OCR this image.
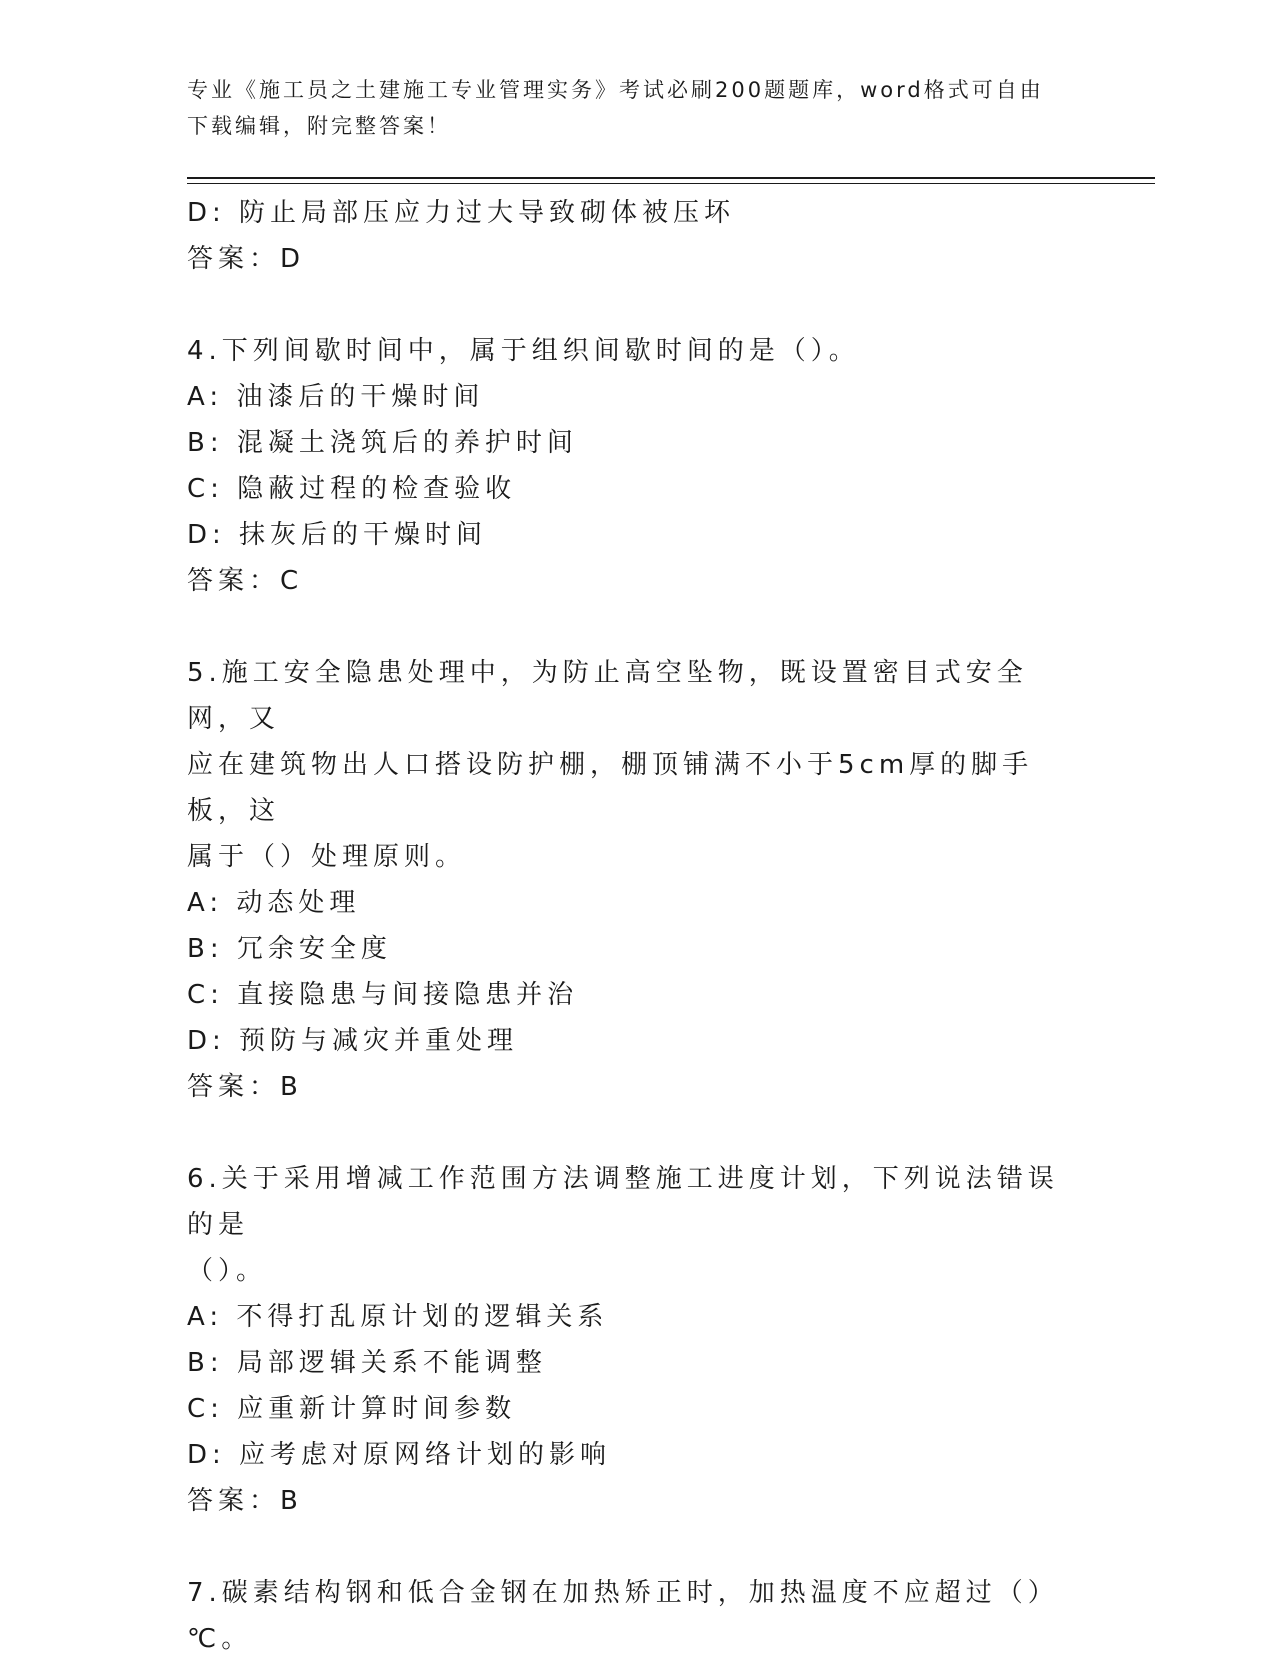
专业《施工员之土建施工专业管理实务》考试必刷200题题库，word格式可自由
下载编辑，附完整答案！
D: 防止局部压应力过大导致砌体被压坏
答案：D
4.下列间歇时间中，属于组织间歇时间的是（）。
A: 油漆后的干燥时间
B: 混凝土浇筑后的养护时间
C: 隐蔽过程的检查验收
D: 抹灰后的干燥时间
答案：C
5.施工安全隐患处理中，为防止高空坠物，既设置密目式安全网，又
应在建筑物出人口搭设防护棚，棚顶铺满不小于5cm厚的脚手板，这
属于（）处理原则。
A: 动态处理
B: 冗余安全度
C: 直接隐患与间接隐患并治
D: 预防与减灾并重处理
答案：B
6.关于采用增减工作范围方法调整施工进度计划，下列说法错误的是
（）。
A: 不得打乱原计划的逻辑关系
B: 局部逻辑关系不能调整
C: 应重新计算时间参数
D: 应考虑对原网络计划的影响
答案：B
7.碳素结构钢和低合金钢在加热矫正时，加热温度不应超过（）℃。
